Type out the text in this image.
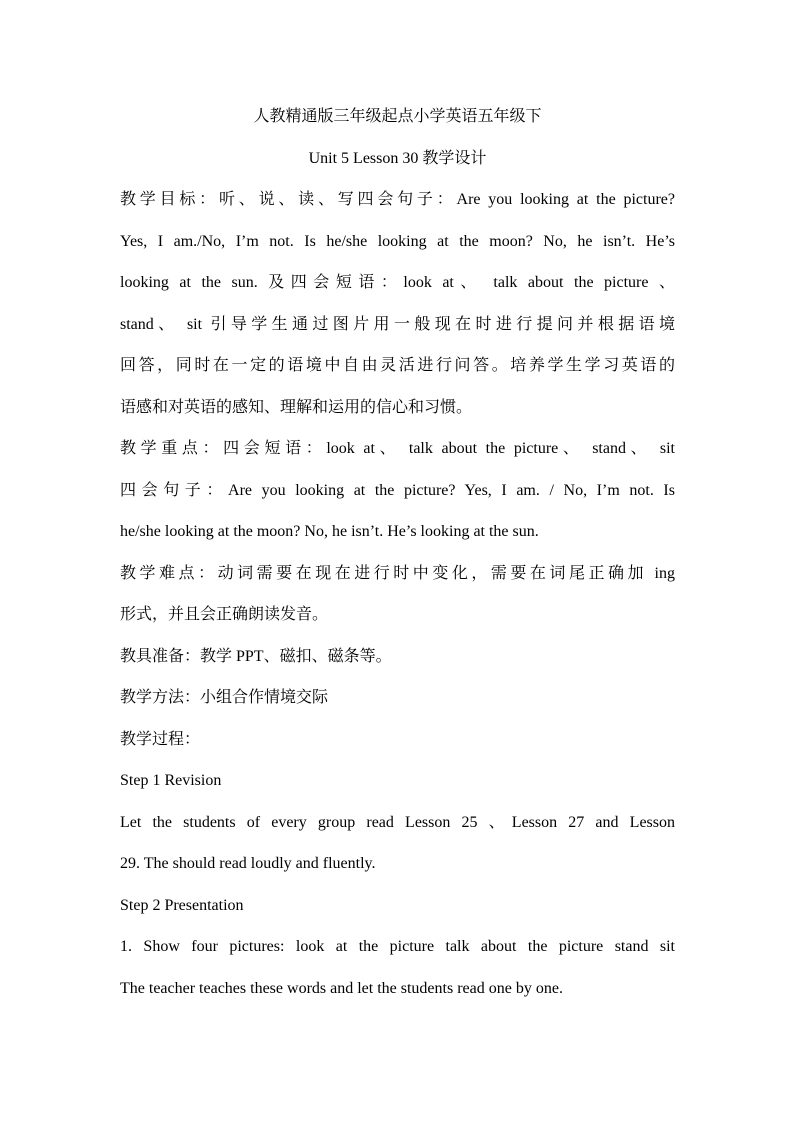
人教精通版三年级起点小学英语五年级下
Unit 5 Lesson 30 教学设计
教学目标：听、说、读、写四会句子：Are you looking at the picture?
Yes, I am./No, I’m not. Is he/she looking at the moon? No, he isn’t. He’s
looking at the sun. 及四会短语：look at、 talk about the picture 、
stand、 sit 引导学生通过图片用一般现在时进行提问并根据语境
回答，同时在一定的语境中自由灵活进行问答。培养学生学习英语的
语感和对英语的感知、理解和运用的信心和习惯。
教学重点：四会短语：look at、 talk about the picture、 stand、 sit
四会句子：Are you looking at the picture? Yes, I am. / No, I’m not. Is
he/she looking at the moon? No, he isn’t. He’s looking at the sun.
教学难点：动词需要在现在进行时中变化，需要在词尾正确加 ing
形式，并且会正确朗读发音。
教具准备：教学 PPT、磁扣、磁条等。
教学方法：小组合作情境交际
教学过程：
Step 1 Revision
Let the students of every group read Lesson 25 、Lesson 27 and Lesson
29. The should read loudly and fluently.
Step 2 Presentation
1. Show four pictures: look at the picture talk about the picture stand sit
The teacher teaches these words and let the students read one by one.
